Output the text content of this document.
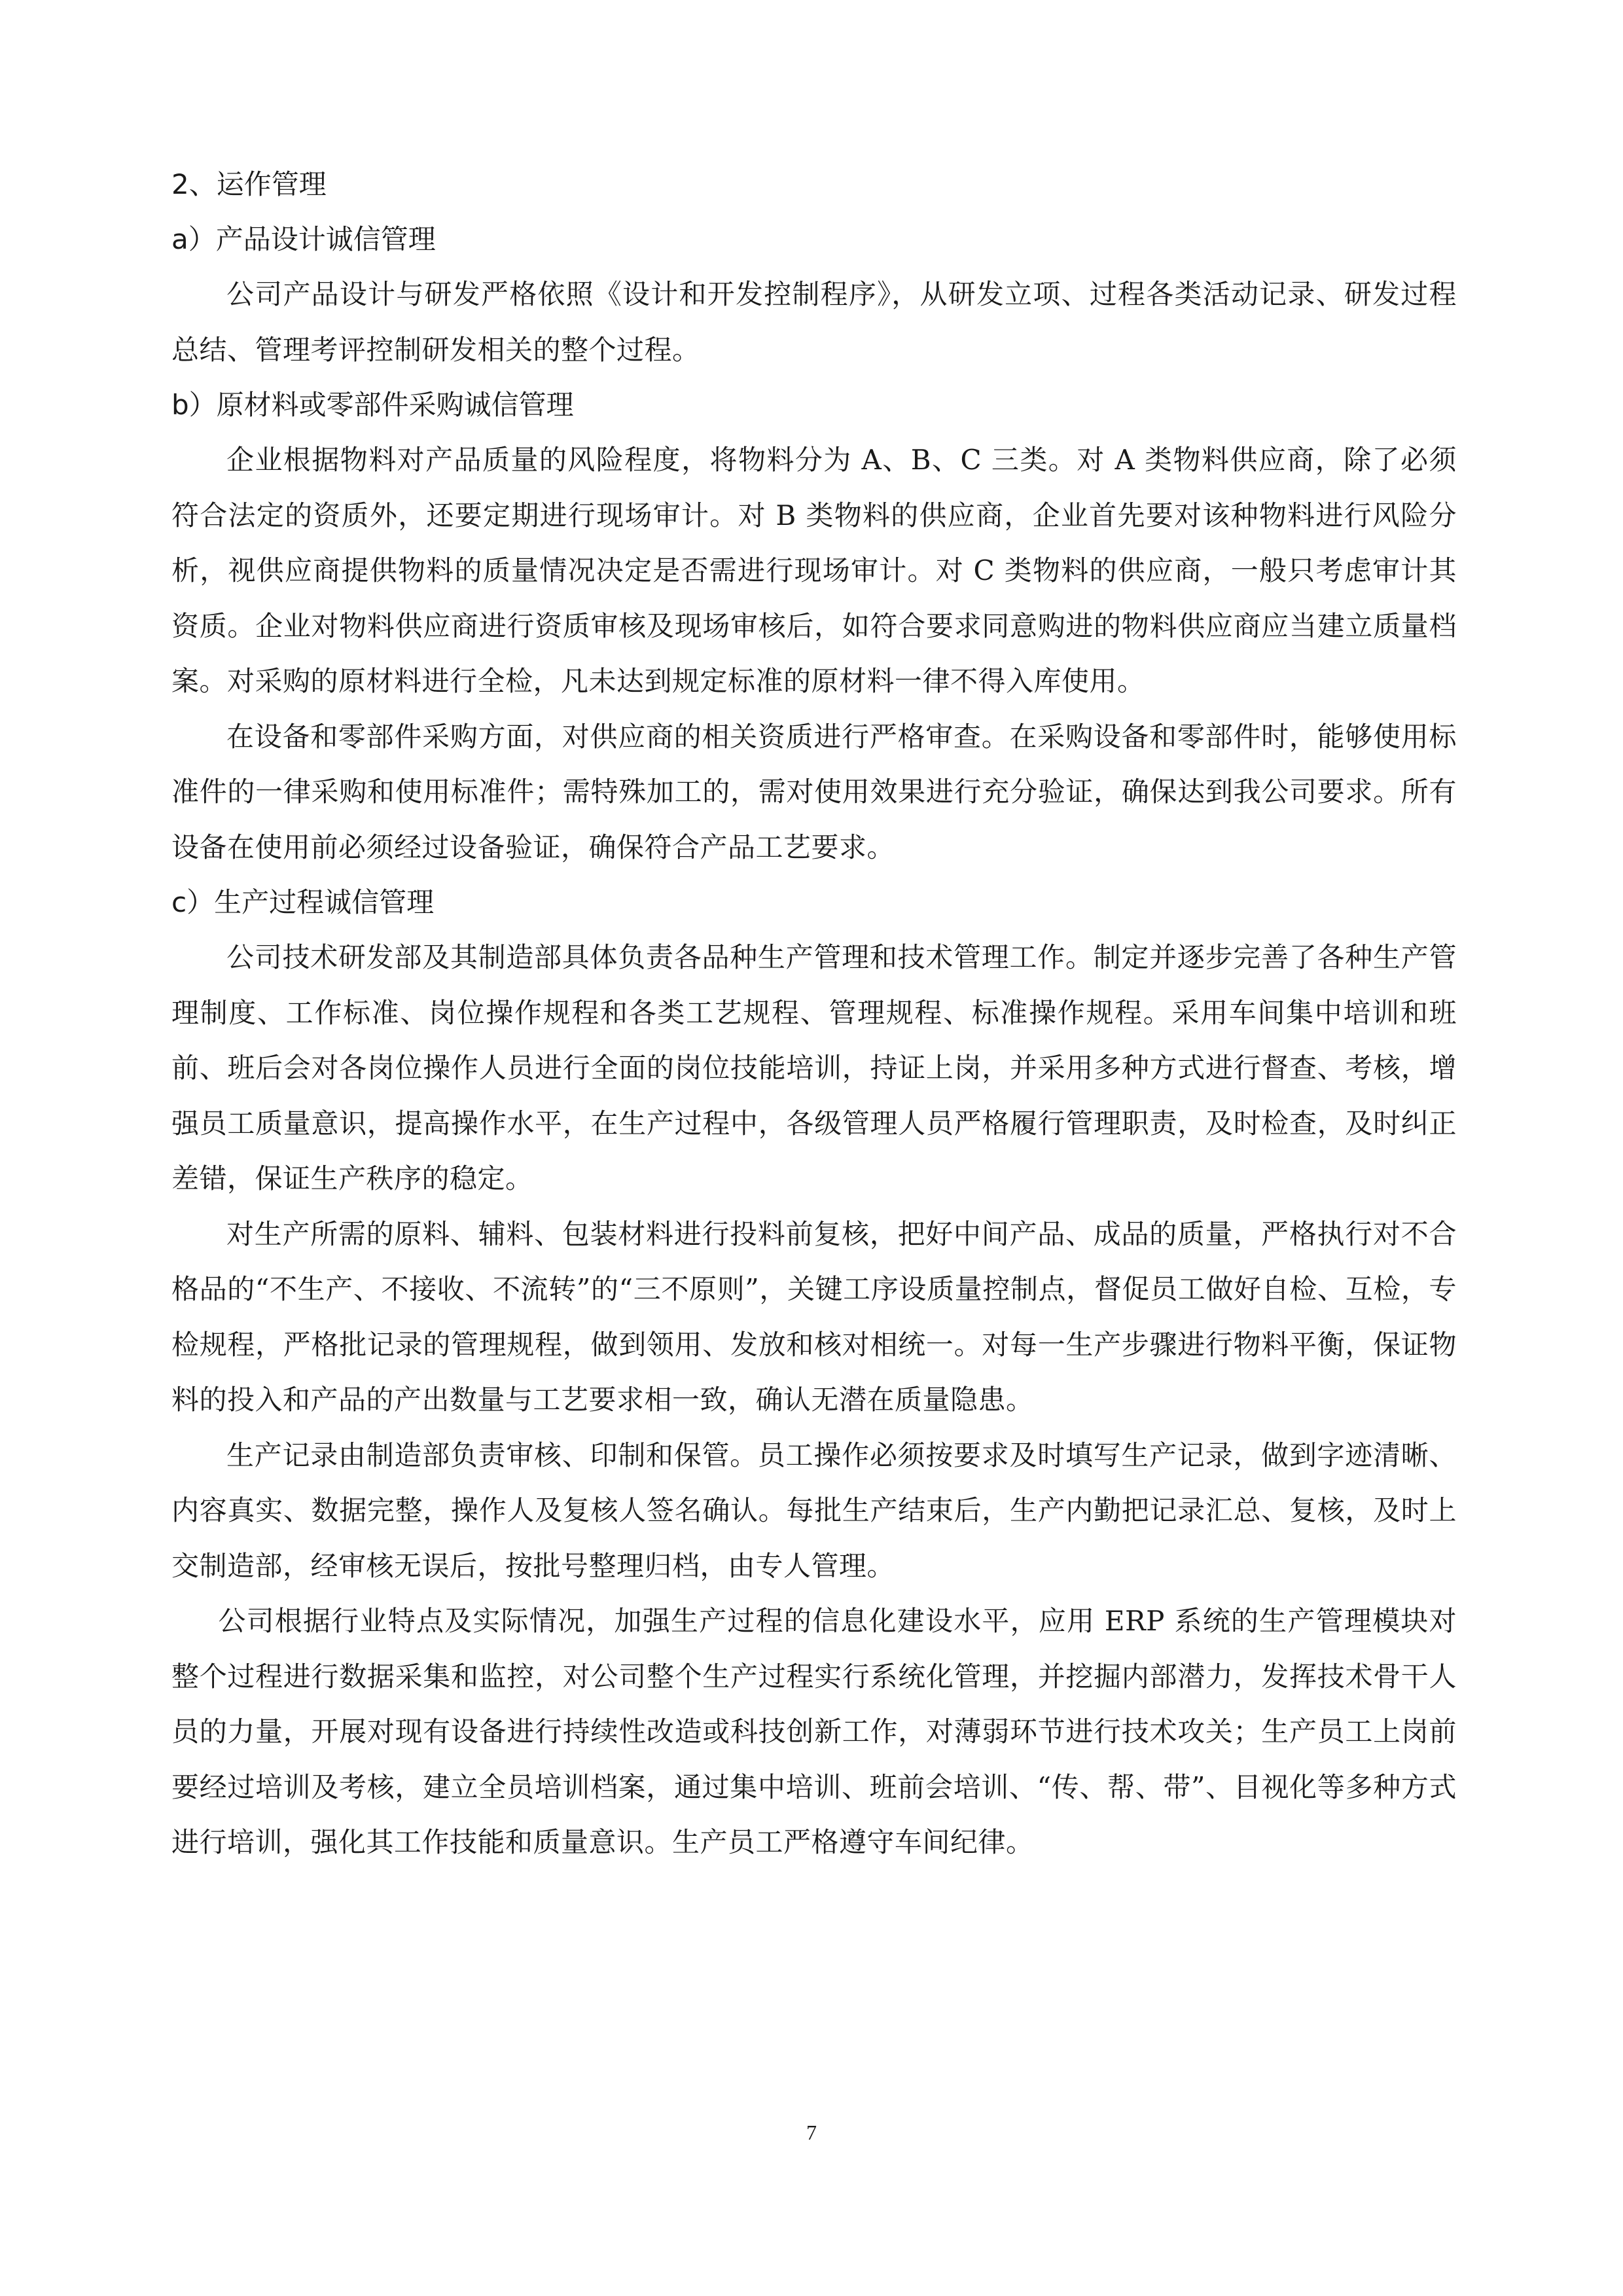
2、运作管理

a）产品设计诚信管理

公司产品设计与研发严格依照《设计和开发控制程序》，从研发立项、过程各类活动记录、研发过程总结、管理考评控制研发相关的整个过程。

b）原材料或零部件采购诚信管理

企业根据物料对产品质量的风险程度，将物料分为 A、B、C 三类。对 A 类物料供应商，除了必须符合法定的资质外，还要定期进行现场审计。对 B 类物料的供应商，企业首先要对该种物料进行风险分析，视供应商提供物料的质量情况决定是否需进行现场审计。对 C 类物料的供应商，一般只考虑审计其资质。企业对物料供应商进行资质审核及现场审核后，如符合要求同意购进的物料供应商应当建立质量档案。对采购的原材料进行全检，凡未达到规定标准的原材料一律不得入库使用。

在设备和零部件采购方面，对供应商的相关资质进行严格审查。在采购设备和零部件时，能够使用标准件的一律采购和使用标准件；需特殊加工的，需对使用效果进行充分验证，确保达到我公司要求。所有设备在使用前必须经过设备验证，确保符合产品工艺要求。

c）生产过程诚信管理

公司技术研发部及其制造部具体负责各品种生产管理和技术管理工作。制定并逐步完善了各种生产管理制度、工作标准、岗位操作规程和各类工艺规程、管理规程、标准操作规程。采用车间集中培训和班前、班后会对各岗位操作人员进行全面的岗位技能培训，持证上岗，并采用多种方式进行督查、考核，增强员工质量意识，提高操作水平，在生产过程中，各级管理人员严格履行管理职责，及时检查，及时纠正差错，保证生产秩序的稳定。

对生产所需的原料、辅料、包装材料进行投料前复核，把好中间产品、成品的质量，严格执行对不合格品的“不生产、不接收、不流转”的“三不原则”，关键工序设质量控制点，督促员工做好自检、互检，专检规程，严格批记录的管理规程，做到领用、发放和核对相统一。对每一生产步骤进行物料平衡，保证物料的投入和产品的产出数量与工艺要求相一致，确认无潜在质量隐患。

生产记录由制造部负责审核、印制和保管。员工操作必须按要求及时填写生产记录，做到字迹清晰、内容真实、数据完整，操作人及复核人签名确认。每批生产结束后，生产内勤把记录汇总、复核，及时上交制造部，经审核无误后，按批号整理归档，由专人管理。

公司根据行业特点及实际情况，加强生产过程的信息化建设水平，应用 ERP 系统的生产管理模块对整个过程进行数据采集和监控，对公司整个生产过程实行系统化管理，并挖掘内部潜力，发挥技术骨干人员的力量，开展对现有设备进行持续性改造或科技创新工作，对薄弱环节进行技术攻关；生产员工上岗前要经过培训及考核，建立全员培训档案，通过集中培训、班前会培训、“传、帮、带”、目视化等多种方式进行培训，强化其工作技能和质量意识。生产员工严格遵守车间纪律。

7
